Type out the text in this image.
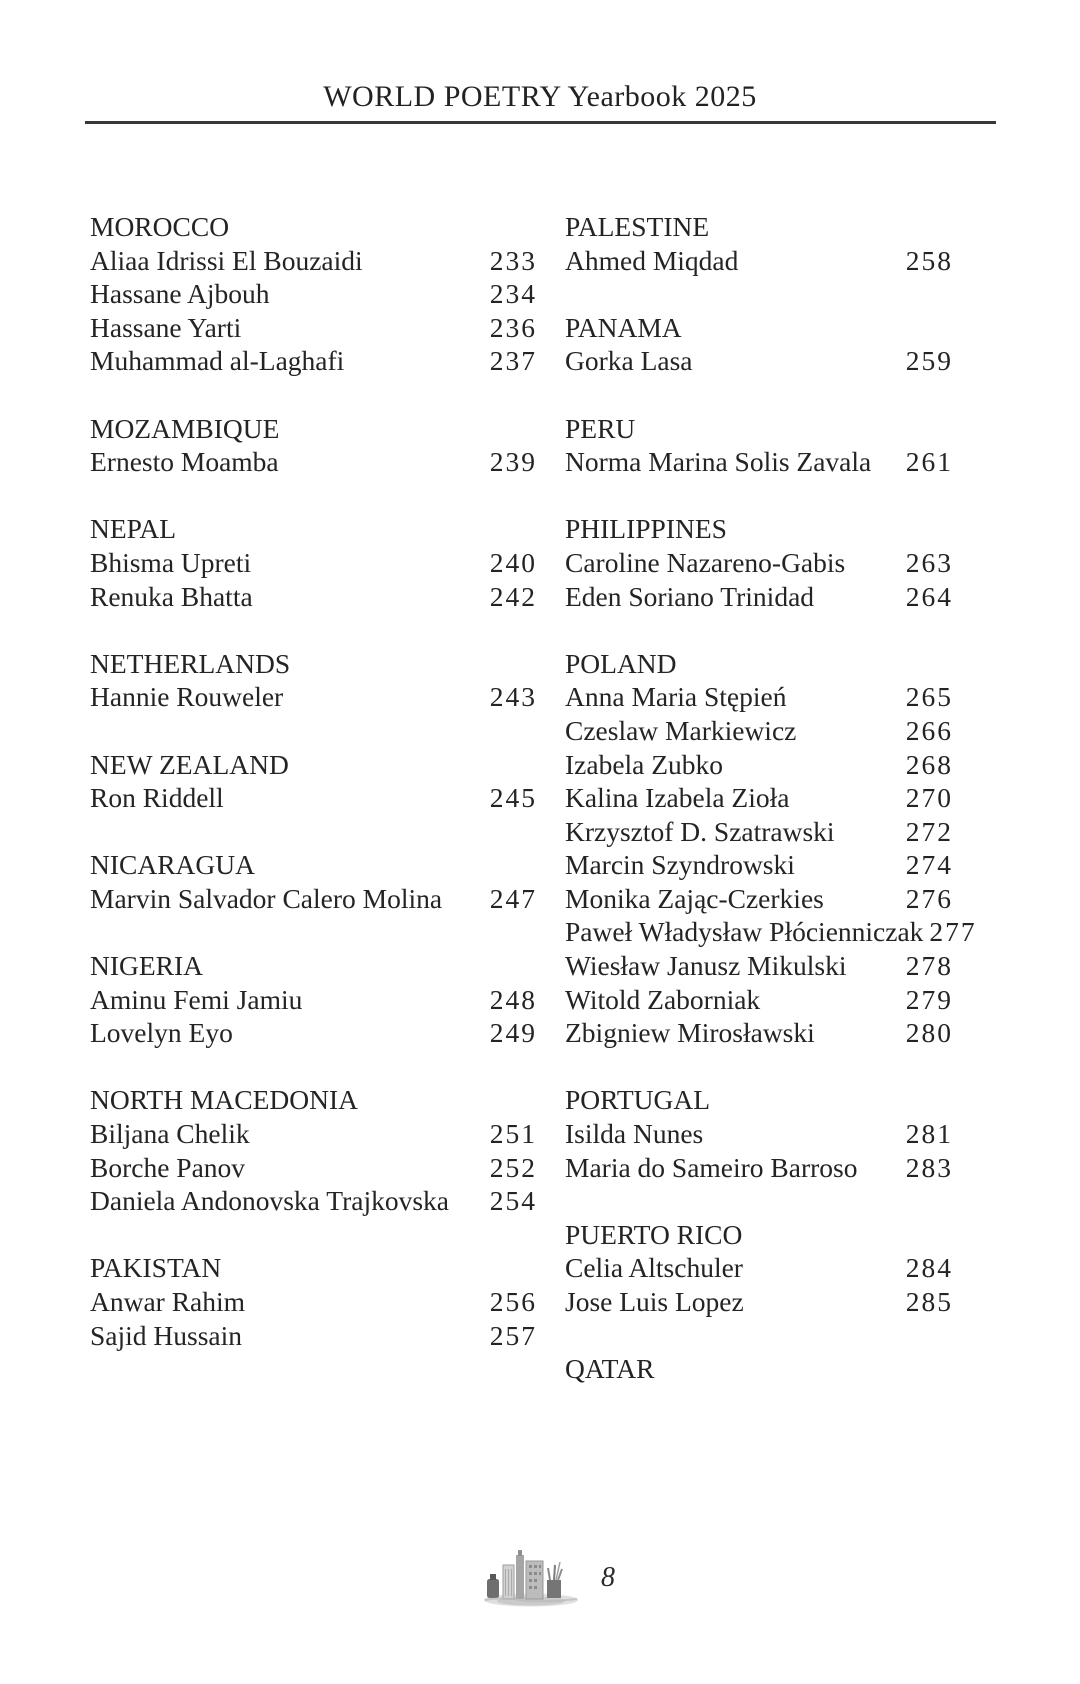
WORLD POETRY Yearbook 2025
MOROCCO
Aliaa Idrissi El Bouzaidi	233
Hassane Ajbouh	234
Hassane Yarti	236
Muhammad al-Laghafi	237
MOZAMBIQUE
Ernesto Moamba	239
NEPAL
Bhisma Upreti	240
Renuka Bhatta	242
NETHERLANDS
Hannie Rouweler	243
NEW ZEALAND
Ron Riddell	245
NICARAGUA
Marvin Salvador Calero Molina 247
NIGERIA
Aminu Femi Jamiu	248
Lovelyn Eyo	249
NORTH MACEDONIA
Biljana Chelik	251
Borche Panov	252
Daniela Andonovska Trajkovska 254
PAKISTAN
Anwar Rahim	256
Sajid Hussain	257
PALESTINE
Ahmed Miqdad	258
PANAMA
Gorka Lasa	259
PERU
Norma Marina Solis Zavala 261
PHILIPPINES
Caroline Nazareno-Gabis 263
Eden Soriano Trinidad	264
POLAND
Anna Maria Stępień	265
Czeslaw Markiewicz	266
Izabela Zubko	268
Kalina Izabela Zioła	270
Krzysztof D. Szatrawski	272
Marcin Szyndrowski	274
Monika Zając-Czerkies	276
Paweł Władysław Płócienniczak 277
Wiesław Janusz Mikulski 278
Witold Zaborniak	279
Zbigniew Mirosławski	280
PORTUGAL
Isilda Nunes	281
Maria do Sameiro Barroso 283
PUERTO RICO
Celia Altschuler	284
Jose Luis Lopez	285
QATAR
8
